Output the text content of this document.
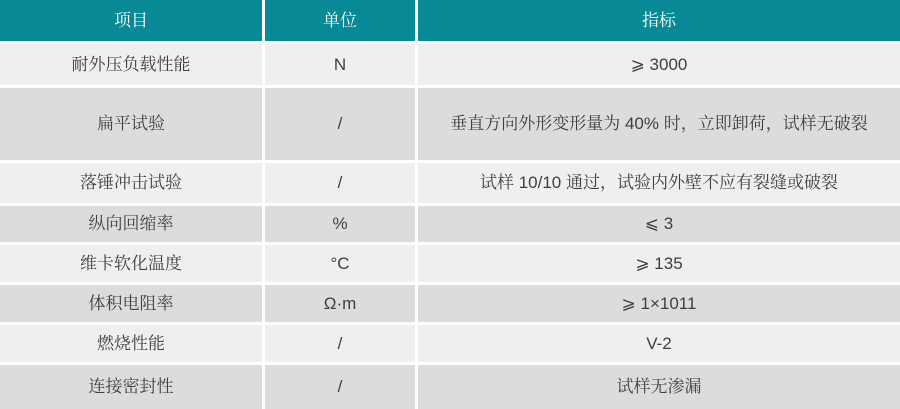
项目	单位	指标
耐外压负载性能	N	⩾ 3000
扁平试验	/	垂直方向外形变形量为 40% 时，立即卸荷，试样无破裂
落锤冲击试验	/	试样 10/10 通过，试验内外壁不应有裂缝或破裂
纵向回缩率	%	⩽ 3
维卡软化温度	°C	⩾ 135
体积电阻率	Ω·m	⩾ 1×1011
燃烧性能	/	V-2
连接密封性	/	试样无渗漏
